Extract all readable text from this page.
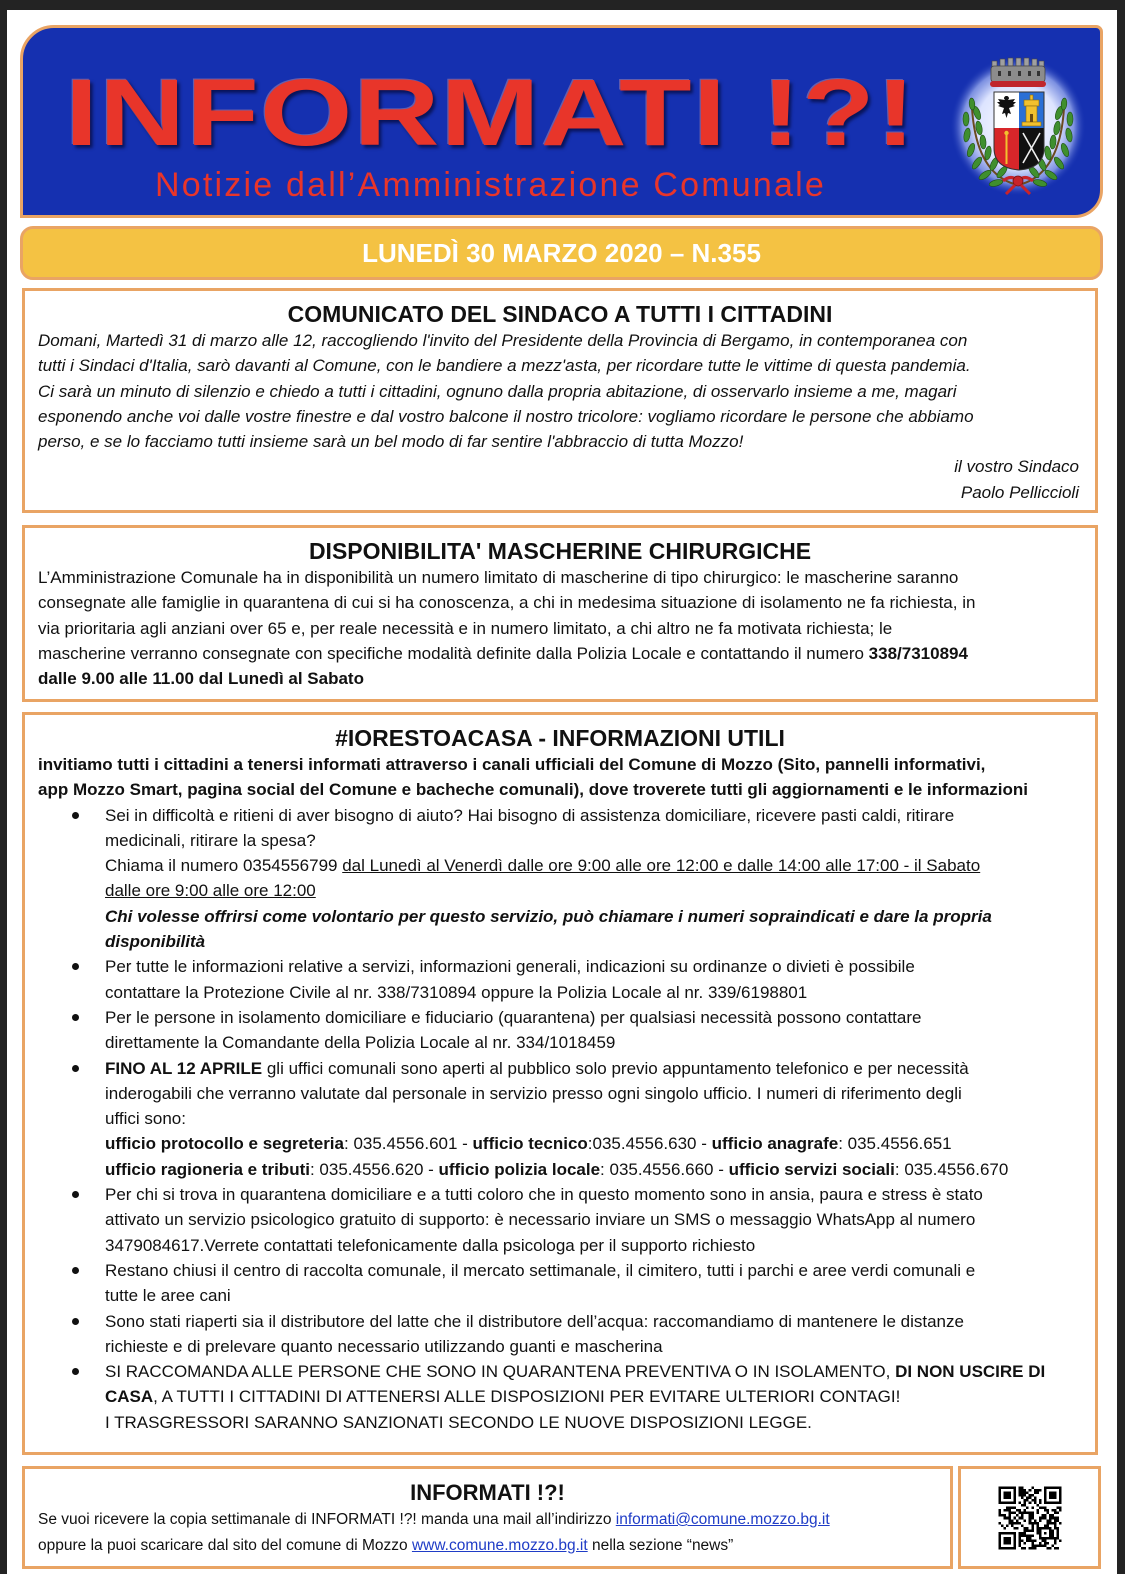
INFORMATI !?!
Notizie dall’Amministrazione Comunale
LUNEDÌ 30 MARZO 2020 – N.355
COMUNICATO DEL SINDACO A TUTTI I CITTADINI
Domani, Martedì 31 di marzo alle 12, raccogliendo l'invito del Presidente della Provincia di Bergamo, in contemporanea con
tutti i Sindaci d'Italia, sarò davanti al Comune, con le bandiere a mezz'asta, per ricordare tutte le vittime di questa pandemia.
Ci sarà un minuto di silenzio e chiedo a tutti i cittadini, ognuno dalla propria abitazione, di osservarlo insieme a me, magari
esponendo anche voi dalle vostre finestre e dal vostro balcone il nostro tricolore: vogliamo ricordare le persone che abbiamo
perso, e se lo facciamo tutti insieme sarà un bel modo di far sentire l'abbraccio di tutta Mozzo!
il vostro Sindaco
Paolo Pelliccioli
DISPONIBILITA' MASCHERINE CHIRURGICHE
L’Amministrazione Comunale ha in disponibilità un numero limitato di mascherine di tipo chirurgico: le mascherine saranno
consegnate alle famiglie in quarantena di cui si ha conoscenza, a chi in medesima situazione di isolamento ne fa richiesta, in
via prioritaria agli anziani over 65 e, per reale necessità e in numero limitato, a chi altro ne fa motivata richiesta; le
mascherine verranno consegnate con specifiche modalità definite dalla Polizia Locale e contattando il numero 338/7310894
dalle 9.00 alle 11.00 dal Lunedì al Sabato
#IORESTOACASA - INFORMAZIONI UTILI
invitiamo tutti i cittadini a tenersi informati attraverso i canali ufficiali del Comune di Mozzo (Sito, pannelli informativi,
app Mozzo Smart, pagina social del Comune e bacheche comunali), dove troverete tutti gli aggiornamenti e le informazioni
Sei in difficoltà e ritieni di aver bisogno di aiuto? Hai bisogno di assistenza domiciliare, ricevere pasti caldi, ritirare
medicinali, ritirare la spesa?
Chiama il numero 0354556799 dal Lunedì al Venerdì dalle ore 9:00 alle ore 12:00 e dalle 14:00 alle 17:00 - il Sabato
dalle ore 9:00 alle ore 12:00
Chi volesse offrirsi come volontario per questo servizio, può chiamare i numeri sopraindicati e dare la propria
disponibilità
Per tutte le informazioni relative a servizi, informazioni generali, indicazioni su ordinanze o divieti è possibile
contattare la Protezione Civile al nr. 338/7310894 oppure la Polizia Locale al nr. 339/6198801
Per le persone in isolamento domiciliare e fiduciario (quarantena) per qualsiasi necessità possono contattare
direttamente la Comandante della Polizia Locale al nr. 334/1018459
FINO AL 12 APRILE gli uffici comunali sono aperti al pubblico solo previo appuntamento telefonico e per necessità
inderogabili che verranno valutate dal personale in servizio presso ogni singolo ufficio. I numeri di riferimento degli
uffici sono:
ufficio protocollo e segreteria: 035.4556.601 - ufficio tecnico:035.4556.630 - ufficio anagrafe: 035.4556.651
ufficio ragioneria e tributi: 035.4556.620 - ufficio polizia locale: 035.4556.660 - ufficio servizi sociali: 035.4556.670
Per chi si trova in quarantena domiciliare e a tutti coloro che in questo momento sono in ansia, paura e stress è stato
attivato un servizio psicologico gratuito di supporto: è necessario inviare un SMS o messaggio WhatsApp al numero
3479084617.Verrete contattati telefonicamente dalla psicologa per il supporto richiesto
Restano chiusi il centro di raccolta comunale, il mercato settimanale, il cimitero, tutti i parchi e aree verdi comunali e
tutte le aree cani
Sono stati riaperti sia il distributore del latte che il distributore dell’acqua: raccomandiamo di mantenere le distanze
richieste e di prelevare quanto necessario utilizzando guanti e mascherina
SI RACCOMANDA ALLE PERSONE CHE SONO IN QUARANTENA PREVENTIVA O IN ISOLAMENTO, DI NON USCIRE DI
CASA, A TUTTI I CITTADINI DI ATTENERSI ALLE DISPOSIZIONI PER EVITARE ULTERIORI CONTAGI!
I TRASGRESSORI SARANNO SANZIONATI SECONDO LE NUOVE DISPOSIZIONI LEGGE.
INFORMATI !?!
Se vuoi ricevere la copia settimanale di INFORMATI !?! manda una mail all’indirizzo informati@comune.mozzo.bg.it
oppure la puoi scaricare dal sito del comune di Mozzo www.comune.mozzo.bg.it nella sezione “news”
